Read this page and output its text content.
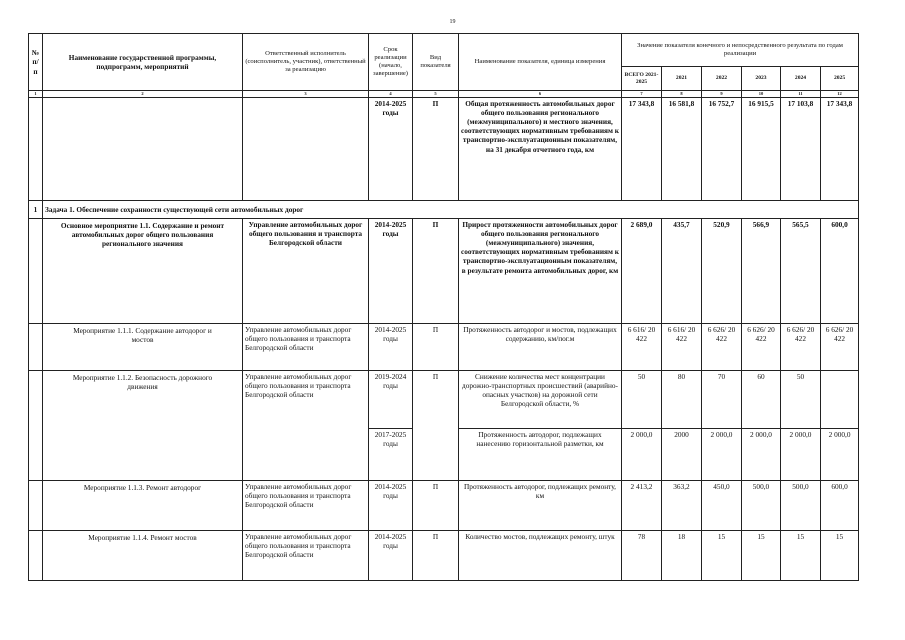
19
№ п/п	Наименование государственной программы, подпрограмм, мероприятий	Ответственный исполнитель (соисполнитель, участник), ответственный за реализацию	Срок реализации (начало, завершение)	Вид показателя	Наименование показателя, единица измерения	Значение показателя конечного и непосредственного результата по годам реализации					
						ВСЕГО 2021-2025	2021	2022	2023	2024	2025
1	2	3	4	5	6	7	8	9	10	11	12
			2014-2025 годы	П	Общая протяженность автомобильных дорог общего пользования регионального (межмуниципального) и местного значения, соответствующих нормативным требованиям к транспортно-эксплуатационным показателям, на 31 декабря отчетного года, км	17 343,8	16 581,8	16 752,7	16 915,5	17 103,8	17 343,8
1	Задача 1. Обеспечение сохранности существующей сети автомобильных дорог										
	Основное мероприятие 1.1. Содержание и ремонт автомобильных дорог общего пользования регионального значения	Управление автомобильных дорог общего пользования и транспорта Белгородской области	2014-2025 годы	П	Прирост протяженности автомобильных дорог общего пользования регионального (межмуниципального) значения, соответствующих нормативным требованиям к транспортно-эксплуатационным показателям, в результате ремонта автомобильных дорог, км	2 689,0	435,7	520,9	566,9	565,5	600,0
	Мероприятие 1.1.1. Содержание автодорог и мостов	Управление автомобильных дорог общего пользования и транспорта Белгородской области	2014-2025 годы	П	Протяженность автодорог и мостов, подлежащих содержанию, км/пог.м	6 616/ 20 422	6 616/ 20 422	6 626/ 20 422	6 626/ 20 422	6 626/ 20 422	6 626/ 20 422
	Мероприятие 1.1.2. Безопасность дорожного движения	Управление автомобильных дорог общего пользования и транспорта Белгородской области	2019-2024 годы	П	Снижение количества мест концентрации дорожно-транспортных происшествий (аварийно-опасных участков) на дорожной сети Белгородской области, %	50	80	70	60	50	
			2017-2025 годы		Протяженность автодорог, подлежащих нанесению горизонтальной разметки, км	2 000,0	2000	2 000,0	2 000,0	2 000,0	2 000,0
	Мероприятие 1.1.3. Ремонт автодорог	Управление автомобильных дорог общего пользования и транспорта Белгородской области	2014-2025 годы	П	Протяженность автодорог, подлежащих ремонту, км	2 413,2	363,2	450,0	500,0	500,0	600,0
	Мероприятие 1.1.4. Ремонт мостов	Управление автомобильных дорог общего пользования и транспорта Белгородской области	2014-2025 годы	П	Количество мостов, подлежащих ремонту, штук	78	18	15	15	15	15
